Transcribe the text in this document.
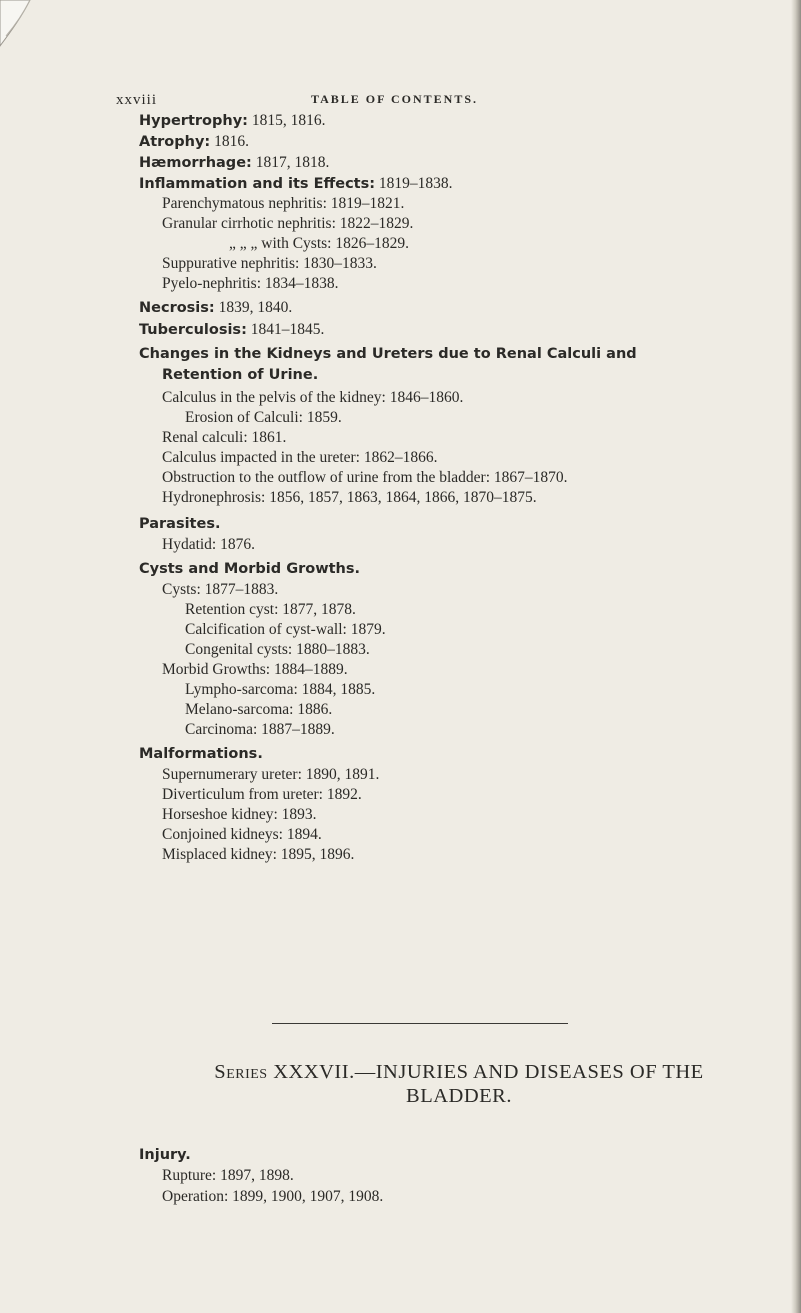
xxviii	TABLE OF CONTENTS.
Hypertrophy: 1815, 1816.
Atrophy: 1816.
Hæmorrhage: 1817, 1818.
Inflammation and its Effects: 1819–1838.
Parenchymatous nephritis: 1819–1821.
Granular cirrhotic nephritis: 1822–1829.
„ „ „ with Cysts: 1826–1829.
Suppurative nephritis: 1830–1833.
Pyelo-nephritis: 1834–1838.
Necrosis: 1839, 1840.
Tuberculosis: 1841–1845.
Changes in the Kidneys and Ureters due to Renal Calculi and
Retention of Urine.
Calculus in the pelvis of the kidney: 1846–1860.
Erosion of Calculi: 1859.
Renal calculi: 1861.
Calculus impacted in the ureter: 1862–1866.
Obstruction to the outflow of urine from the bladder: 1867–1870.
Hydronephrosis: 1856, 1857, 1863, 1864, 1866, 1870–1875.
Parasites.
Hydatid: 1876.
Cysts and Morbid Growths.
Cysts: 1877–1883.
Retention cyst: 1877, 1878.
Calcification of cyst-wall: 1879.
Congenital cysts: 1880–1883.
Morbid Growths: 1884–1889.
Lympho-sarcoma: 1884, 1885.
Melano-sarcoma: 1886.
Carcinoma: 1887–1889.
Malformations.
Supernumerary ureter: 1890, 1891.
Diverticulum from ureter: 1892.
Horseshoe kidney: 1893.
Conjoined kidneys: 1894.
Misplaced kidney: 1895, 1896.
Series XXXVII.—INJURIES AND DISEASES OF THE
BLADDER.
Injury.
Rupture: 1897, 1898.
Operation: 1899, 1900, 1907, 1908.
